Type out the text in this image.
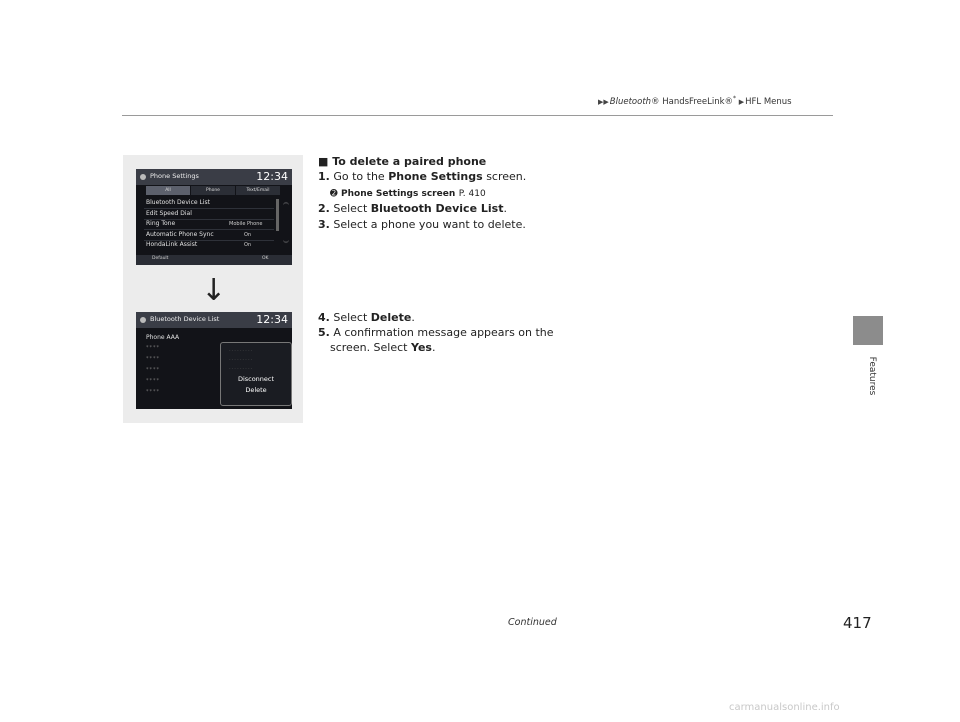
▶▶Bluetooth® HandsFreeLink®* ▶HFL Menus
Features
Phone Settings	12:34
All	Phone	Text/Email
Bluetooth Device List
Edit Speed Dial
Ring Tone	Mobile Phone
Automatic Phone Sync	On
HondaLink Assist	On
︽
︾
Default	OK
↓
Bluetooth Device List	12:34
Phone AAA
****
****
****
****
****
- - - - - - - - -
- - - - - - - - -
- - - - - - - - -
Disconnect
Delete
■ To delete a paired phone
1. Go to the Phone Settings screen.
➋ Phone Settings screen P. 410
2. Select Bluetooth Device List.
3. Select a phone you want to delete.
4. Select Delete.
5. A confirmation message appears on the
screen. Select Yes.
Continued	417
carmanualsonline.info
